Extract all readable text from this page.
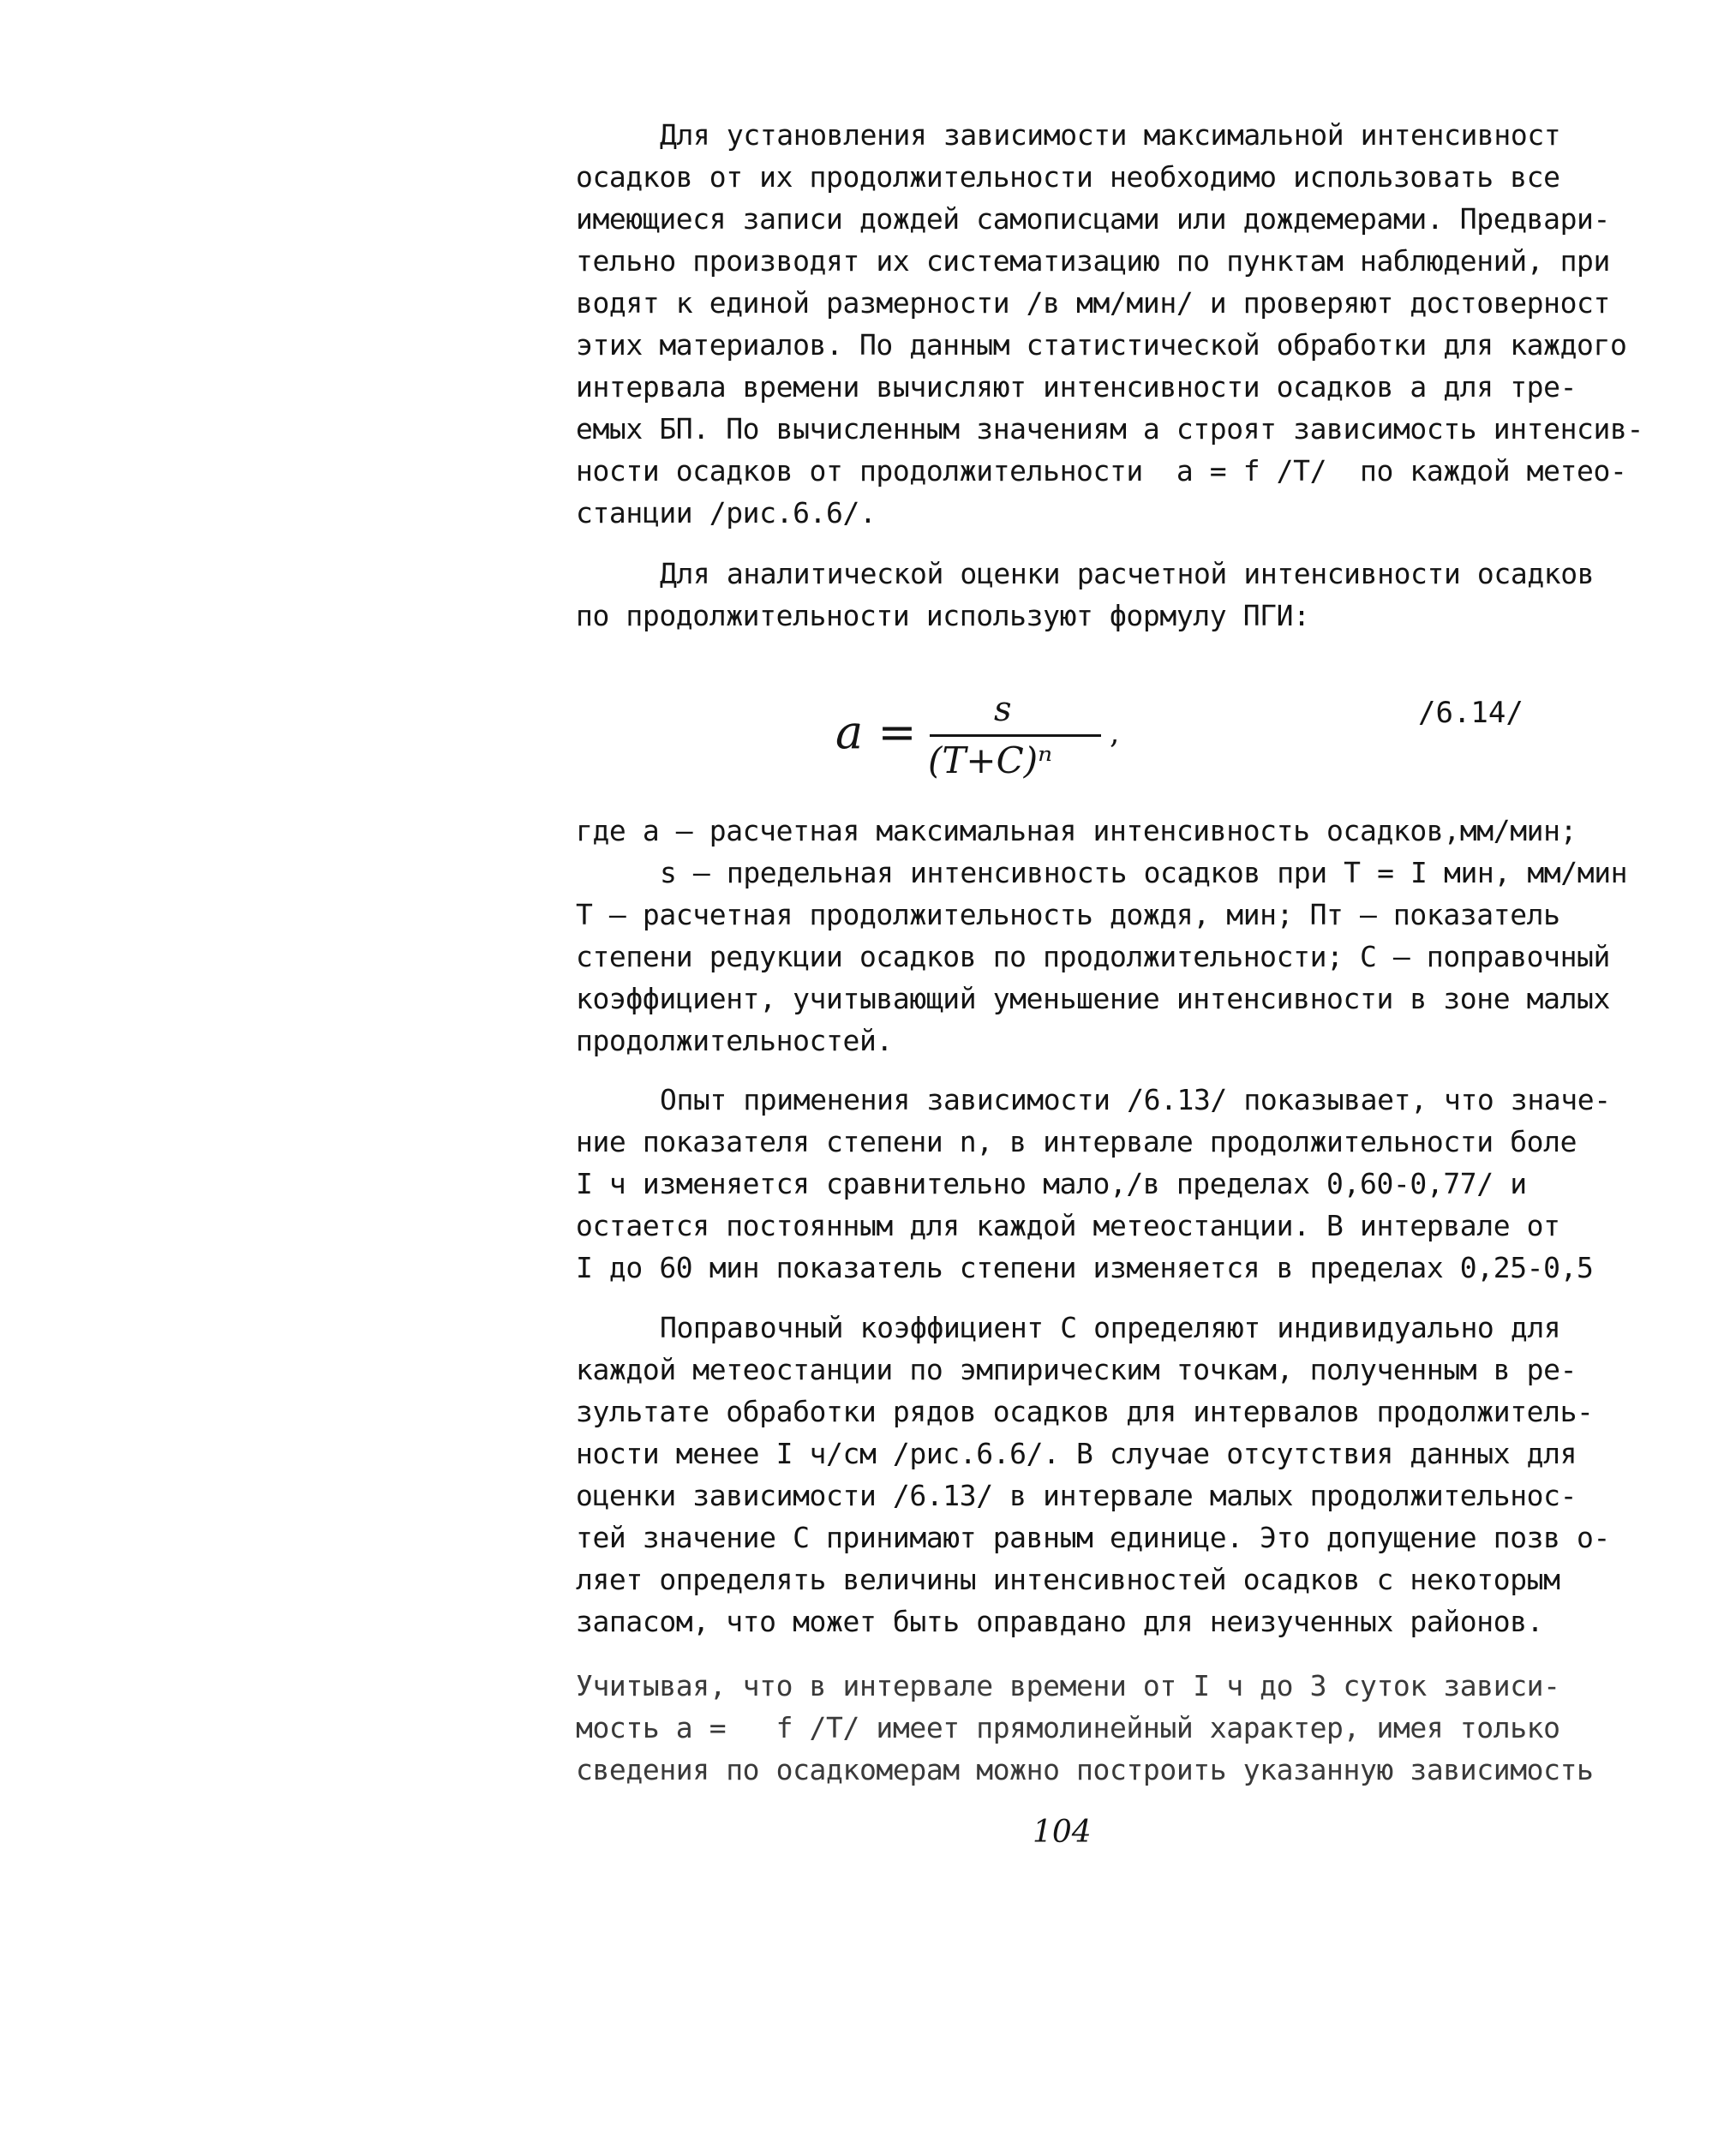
Для установления зависимости максимальной интенсивност
осадков от их продолжительности необходимо использовать все
имеющиеся записи дождей самописцами или дождемерами. Предвари-
тельно производят их систематизацию по пунктам наблюдений, при
водят к единой размерности /в мм/мин/ и проверяют достоверност
этих материалов. По данным статистической обработки для каждого
интервала времени вычисляют интенсивности осадков а для тре-
емых БП. По вычисленным значениям а строят зависимость интенсив-
ности осадков от продолжительности  a = f /T/  по каждой метео-
станции /рис.6.6/.
Для аналитической оценки расчетной интенсивности осадков
по продолжительности используют формулу ПГИ:
a = s
(T+C)ⁿ
,
/6.14/
где а – расчетная максимальная интенсивность осадков,мм/мин;
s – предельная интенсивность осадков при Т = I мин, мм/мин
Т – расчетная продолжительность дождя, мин; Пт – показатель
степени редукции осадков по продолжительности; С – поправочный
коэффициент, учитывающий уменьшение интенсивности в зоне малых
продолжительностей.
Опыт применения зависимости /6.13/ показывает, что значе-
ние показателя степени n, в интервале продолжительности боле
I ч изменяется сравнительно мало,/в пределах 0,60-0,77/ и
остается постоянным для каждой метеостанции. В интервале от
I до 60 мин показатель степени изменяется в пределах 0,25-0,5
Поправочный коэффициент С определяют индивидуально для
каждой метеостанции по эмпирическим точкам, полученным в ре-
зультате обработки рядов осадков для интервалов продолжитель-
ности менее I ч/см /рис.6.6/. В случае отсутствия данных для
оценки зависимости /6.13/ в интервале малых продолжительнос-
тей значение С принимают равным единице. Это допущение позв о-
ляет определять величины интенсивностей осадков с некоторым
запасом, что может быть оправдано для неизученных районов.
Учитывая, что в интервале времени от I ч до 3 суток зависи-
мость а =   f /T/ имеет прямолинейный характер, имея только
сведения по осадкомерам можно построить указанную зависимость
104
